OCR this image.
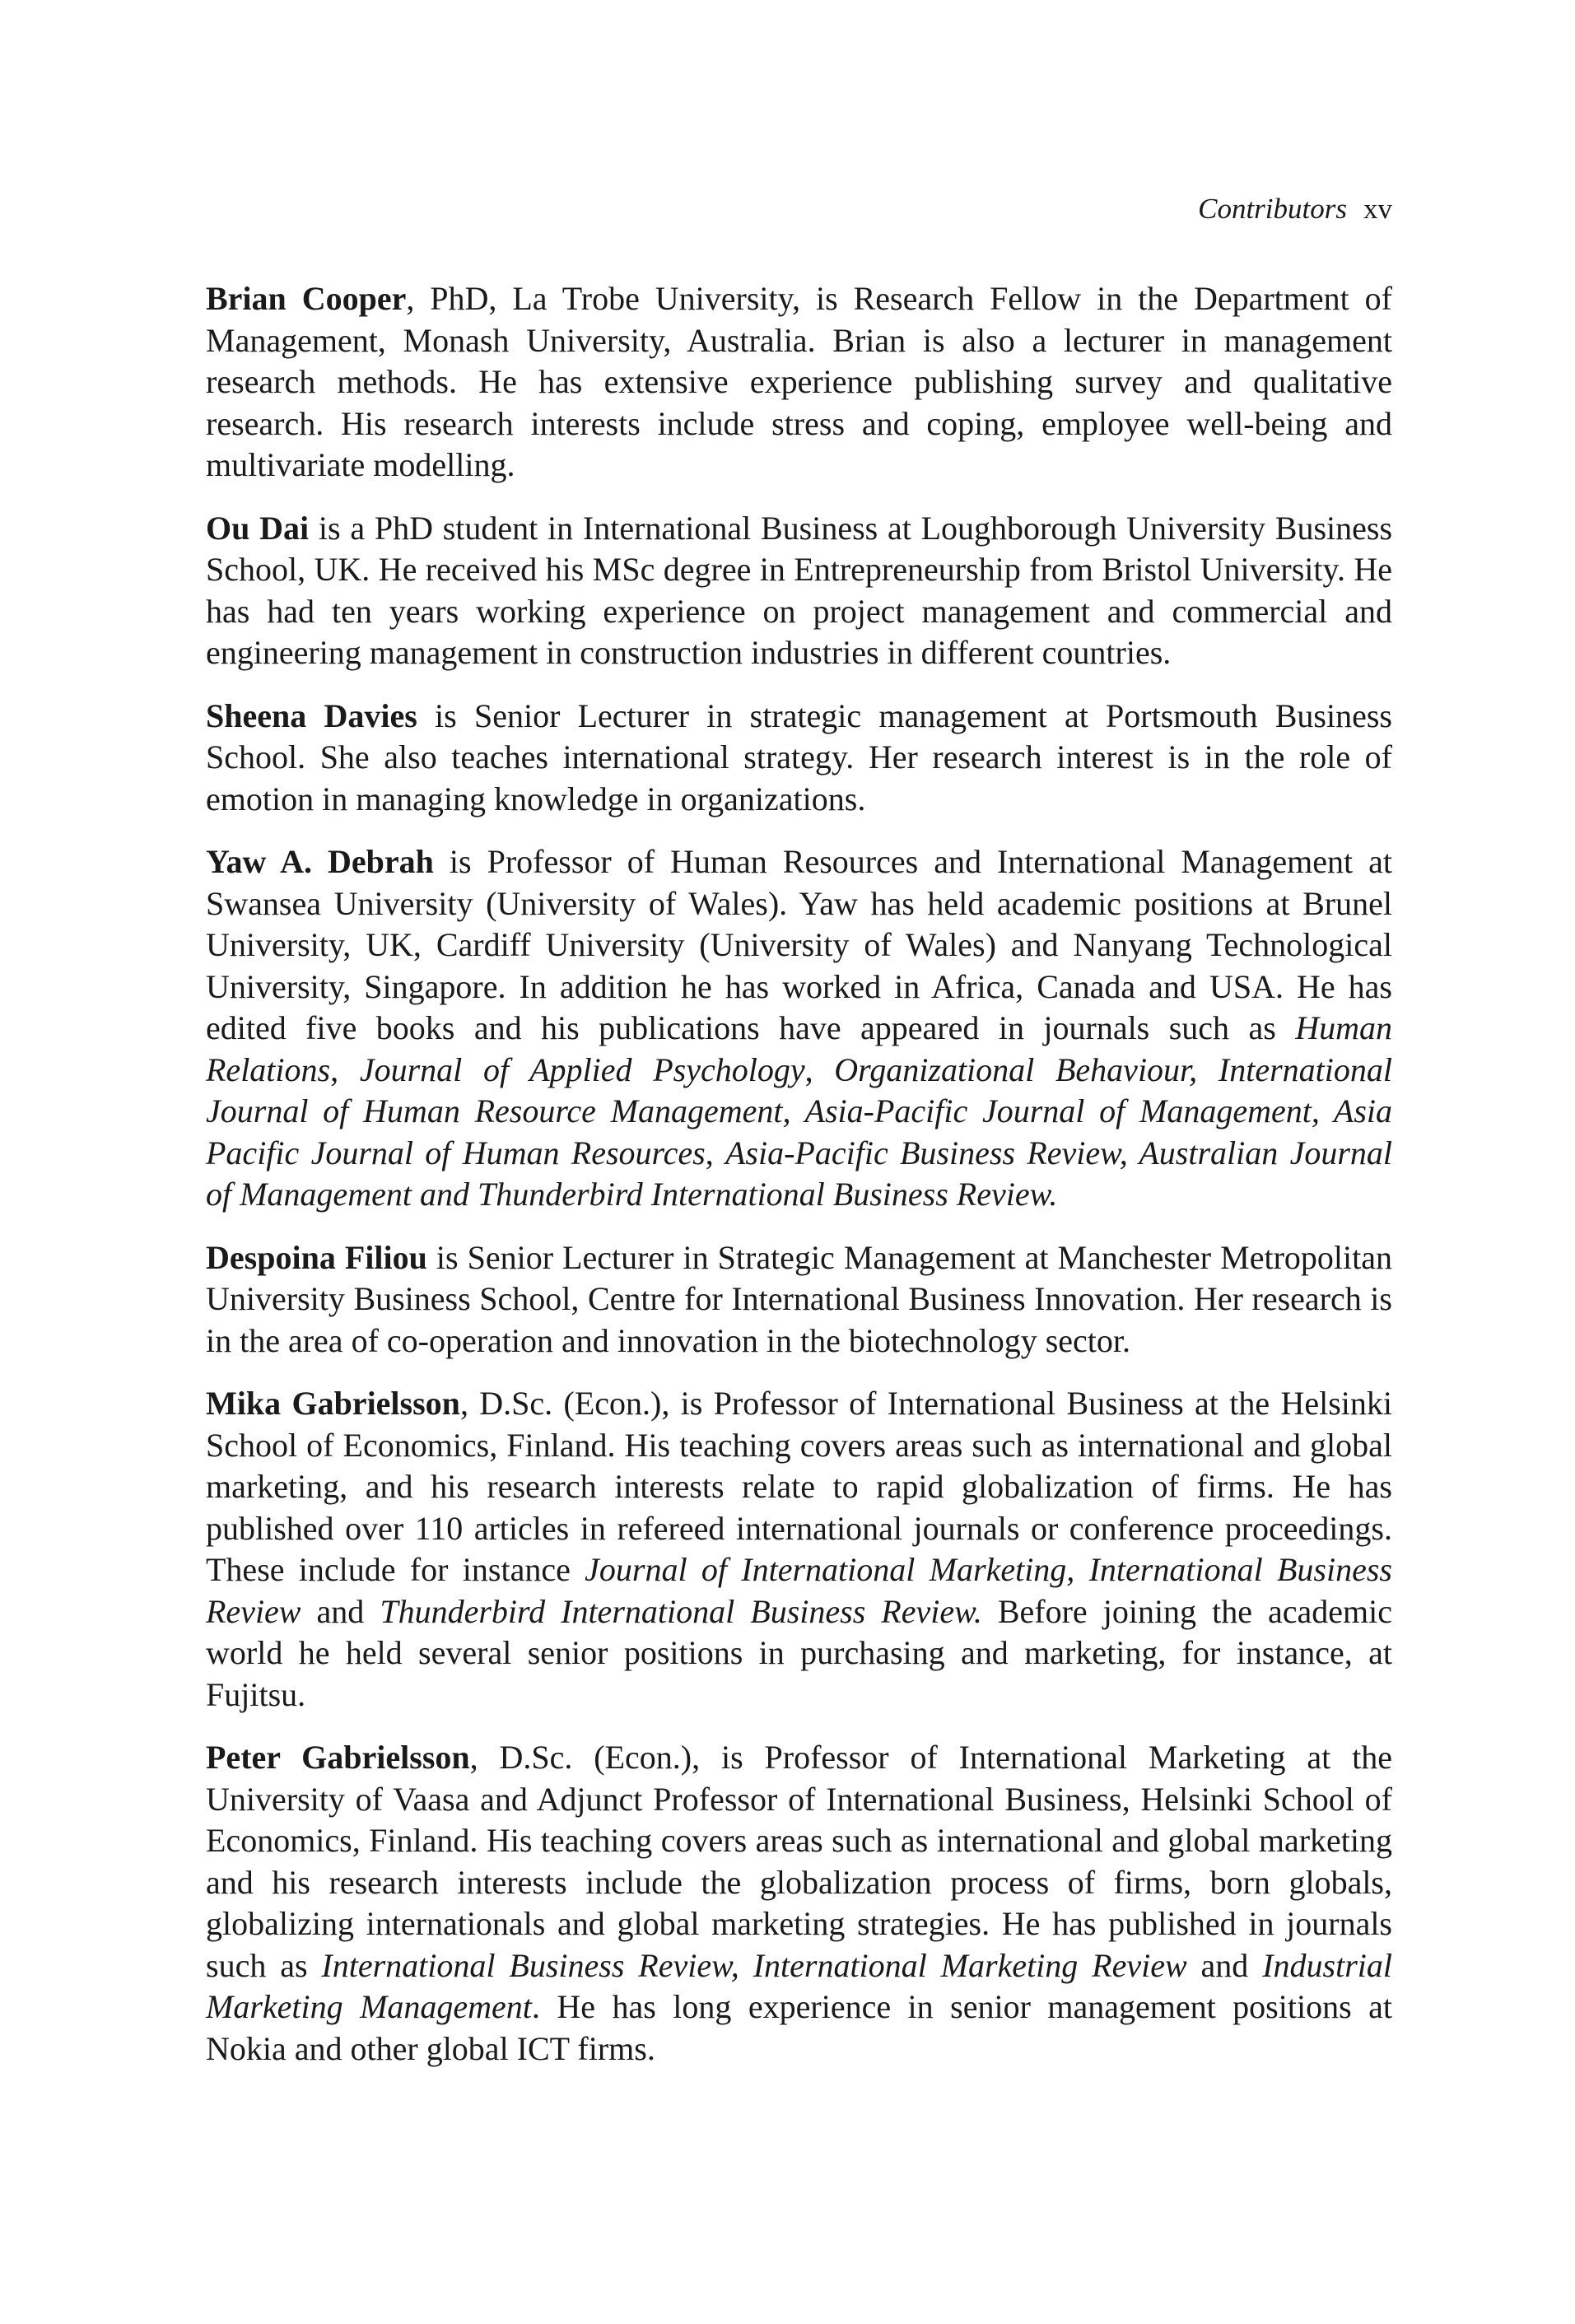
Contributors xv

Brian Cooper, PhD, La Trobe University, is Research Fellow in the Department of Management, Monash University, Australia. Brian is also a lecturer in management research methods. He has extensive experience publishing survey and qualitative research. His research interests include stress and coping, employee well-being and multivariate modelling.

Ou Dai is a PhD student in International Business at Loughborough University Business School, UK. He received his MSc degree in Entrepreneurship from Bristol University. He has had ten years working experience on project management and commercial and engineering management in construction industries in different countries.

Sheena Davies is Senior Lecturer in strategic management at Portsmouth Business School. She also teaches international strategy. Her research interest is in the role of emotion in managing knowledge in organizations.

Yaw A. Debrah is Professor of Human Resources and International Management at Swansea University (University of Wales). Yaw has held academic positions at Brunel University, UK, Cardiff University (University of Wales) and Nanyang Technological University, Singapore. In addition he has worked in Africa, Canada and USA. He has edited five books and his publications have appeared in journals such as Human Relations, Journal of Applied Psychology, Organizational Behaviour, International Journal of Human Resource Management, Asia-Pacific Journal of Management, Asia Pacific Journal of Human Resources, Asia-Pacific Business Review, Australian Journal of Management and Thunderbird International Business Review.

Despoina Filiou is Senior Lecturer in Strategic Management at Manchester Metropolitan University Business School, Centre for International Business Innovation. Her research is in the area of co-operation and innovation in the biotechnology sector.

Mika Gabrielsson, D.Sc. (Econ.), is Professor of International Business at the Helsinki School of Economics, Finland. His teaching covers areas such as international and global marketing, and his research interests relate to rapid globalization of firms. He has published over 110 articles in refereed international journals or conference proceedings. These include for instance Journal of International Marketing, International Business Review and Thunderbird International Business Review. Before joining the academic world he held several senior positions in purchasing and marketing, for instance, at Fujitsu.

Peter Gabrielsson, D.Sc. (Econ.), is Professor of International Marketing at the University of Vaasa and Adjunct Professor of International Business, Helsinki School of Economics, Finland. His teaching covers areas such as international and global marketing and his research interests include the globalization process of firms, born globals, globalizing internationals and global marketing strategies. He has published in journals such as International Business Review, International Marketing Review and Industrial Marketing Management. He has long experience in senior management positions at Nokia and other global ICT firms.
